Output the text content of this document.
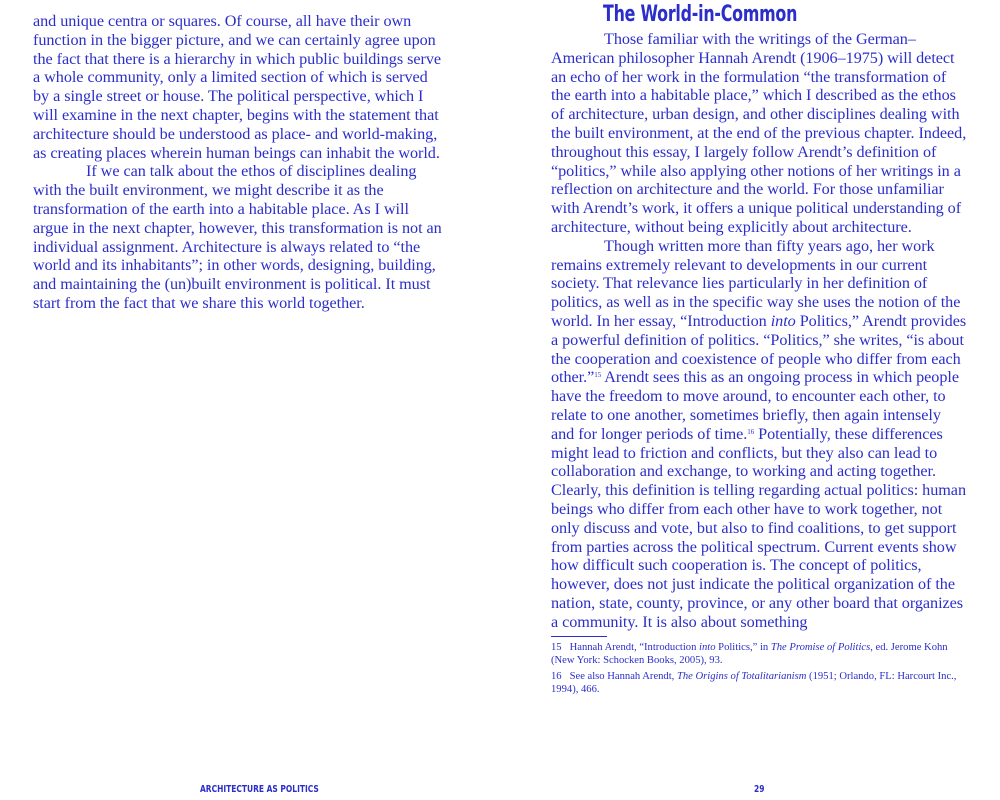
and unique centra or squares. Of course, all have their own function in the bigger picture, and we can certainly agree upon the fact that there is a hierarchy in which public buildings serve a whole community, only a limited section of which is served by a single street or house. The political perspective, which I will examine in the next chapter, begins with the statement that architecture should be understood as place- and world-making, as creating places wherein human beings can inhabit the world.

If we can talk about the ethos of disciplines dealing with the built environment, we might describe it as the transformation of the earth into a habitable place. As I will argue in the next chapter, however, this transformation is not an individual assignment. Architecture is always related to “the world and its inhabitants”; in other words, designing, building, and maintaining the (un)built environment is political. It must start from the fact that we share this world together.

The World-in-Common

Those familiar with the writings of the German–American philosopher Hannah Arendt (1906–1975) will detect an echo of her work in the formulation “the transformation of the earth into a habitable place,” which I described as the ethos of architecture, urban design, and other disciplines dealing with the built environment, at the end of the previous chapter. Indeed, throughout this essay, I largely follow Arendt’s definition of “politics,” while also applying other notions of her writings in a reflection on architecture and the world. For those unfamiliar with Arendt’s work, it offers a unique political understanding of architecture, without being explicitly about architecture.

Though written more than fifty years ago, her work remains extremely relevant to developments in our current society. That relevance lies particularly in her definition of politics, as well as in the specific way she uses the notion of the world. In her essay, “Introduction into Politics,” Arendt provides a powerful definition of politics. “Politics,” she writes, “is about the cooperation and coexistence of people who differ from each other.”$^{15}$ Arendt sees this as an ongoing process in which people have the freedom to move around, to encounter each other, to relate to one another, sometimes briefly, then again intensely and for longer periods of time.$^{16}$ Potentially, these differences might lead to friction and conflicts, but they also can lead to collaboration and exchange, to working and acting together. Clearly, this definition is telling regarding actual politics: human beings who differ from each other have to work together, not only discuss and vote, but also to find coalitions, to get support from parties across the political spectrum. Current events show how difficult such cooperation is. The concept of politics, however, does not just indicate the political organization of the nation, state, county, province, or any other board that organizes a community. It is also about something

15 Hannah Arendt, “Introduction into Politics,” in The Promise of Politics, ed. Jerome Kohn (New York: Schocken Books, 2005), 93.

16 See also Hannah Arendt, The Origins of Totalitarianism (1951; Orlando, FL: Harcourt Inc., 1994), 466.

ARCHITECTURE AS POLITICS	29
